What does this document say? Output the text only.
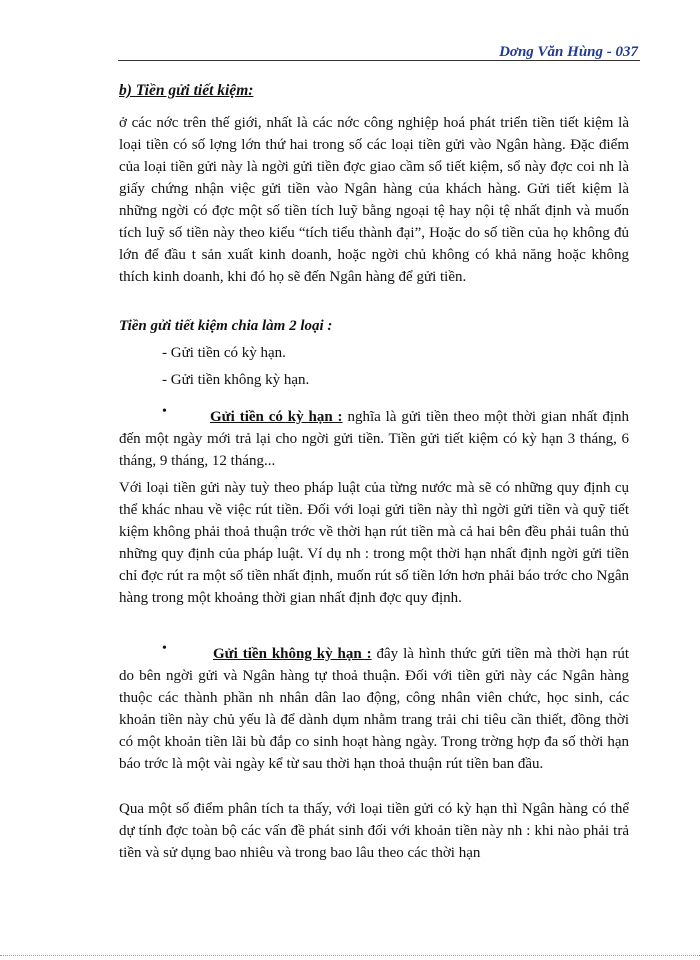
Dơng Văn Hùng - 037
b) Tiền gửi tiết kiệm:

ở các nớc trên thế giới, nhất là các nớc công nghiệp hoá phát triển tiền tiết kiệm là loại tiền có số lợng lớn thứ hai trong số các loại tiền gửi vào Ngân hàng. Đặc điểm của loại tiền gửi này là ngời gửi tiền đợc giao cầm sổ tiết kiệm, sổ này đợc coi nh là giấy chứng nhận việc gửi tiền vào Ngân hàng của khách hàng. Gửi tiết kiệm là những ngời có đợc một số tiền tích luỹ bằng ngoại tệ hay nội tệ nhất định và muốn tích luỹ số tiền này theo kiểu “tích tiểu thành đại”, Hoặc do số tiền của họ không đủ lớn để đầu t sản xuất kinh doanh, hoặc ngời chủ không có khả năng hoặc không thích kinh doanh, khi đó họ sẽ đến Ngân hàng để gửi tiền.

Tiền gửi tiết kiệm chia làm 2 loại :
- Gửi tiền có kỳ hạn.
- Gửi tiền không kỳ hạn.
•	Gửi tiền có kỳ hạn : nghĩa là gửi tiền theo một thời gian nhất định đến một ngày mới trả lại cho ngời gửi tiền. Tiền gửi tiết kiệm có kỳ hạn 3 tháng, 6 tháng, 9 tháng, 12 tháng...

Với loại tiền gửi này tuỳ theo pháp luật của từng nước mà sẽ có những quy định cụ thể khác nhau về việc rút tiền. Đối với loại gửi tiền này thì ngời gửi tiền và quỹ tiết kiệm không phải thoả thuận trớc về thời hạn rút tiền mà cả hai bên đều phải tuân thủ những quy định của pháp luật. Ví dụ nh : trong một thời hạn nhất định ngời gửi tiền chỉ đợc rút ra một số tiền nhất định, muốn rút số tiền lớn hơn phải báo trớc cho Ngân hàng trong một khoảng thời gian nhất định đợc quy định.

•	Gửi tiền không kỳ hạn : đây là hình thức gửi tiền mà thời hạn rút do bên ngời gửi và Ngân hàng tự thoả thuận. Đối với tiền gửi này các Ngân hàng thuộc các thành phần nh nhân dân lao động, công nhân viên chức, học sinh, các khoản tiền này chủ yếu là để dành dụm nhằm trang trải chi tiêu cần thiết, đồng thời có một khoản tiền lãi bù đắp co sinh hoạt hàng ngày. Trong trờng hợp đa số thời hạn báo trớc là một vài ngày kể từ sau thời hạn thoả thuận rút tiền ban đầu.

Qua một số điểm phân tích ta thấy, với loại tiền gửi có kỳ hạn thì Ngân hàng có thể dự tính đợc toàn bộ các vấn đề phát sinh đối với khoản tiền này nh : khi nào phải trả tiền và sử dụng bao nhiêu và trong bao lâu theo các thời hạn
